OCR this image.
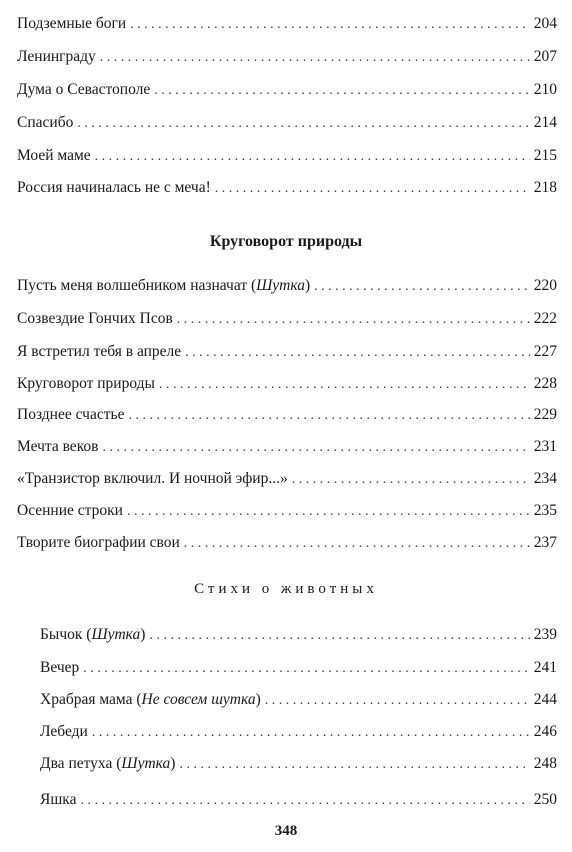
Подземные боги . . .	204
Ленинграду . . .	207
Дума о Севастополе . . .	210
Спасибо . . .	214
Моей маме . . .	215
Россия начиналась не с меча! . . .	218
Круговорот природы
Пусть меня волшебником назначат (Шутка) . . .	220
Созвездие Гончих Псов . . .	222
Я встретил тебя в апреле . . .	227
Круговорот природы . . .	228
Позднее счастье . . .	229
Мечта веков . . .	231
«Транзистор включил. И ночной эфир...» . . .	234
Осенние строки . . .	235
Творите биографии свои . . .	237
Стихи о животных
Бычок (Шутка) . . .	239
Вечер . . .	241
Храбрая мама (Не совсем шутка) . . .	244
Лебеди . . .	246
Два петуха (Шутка) . . .	248
Яшка . . .	250
348
